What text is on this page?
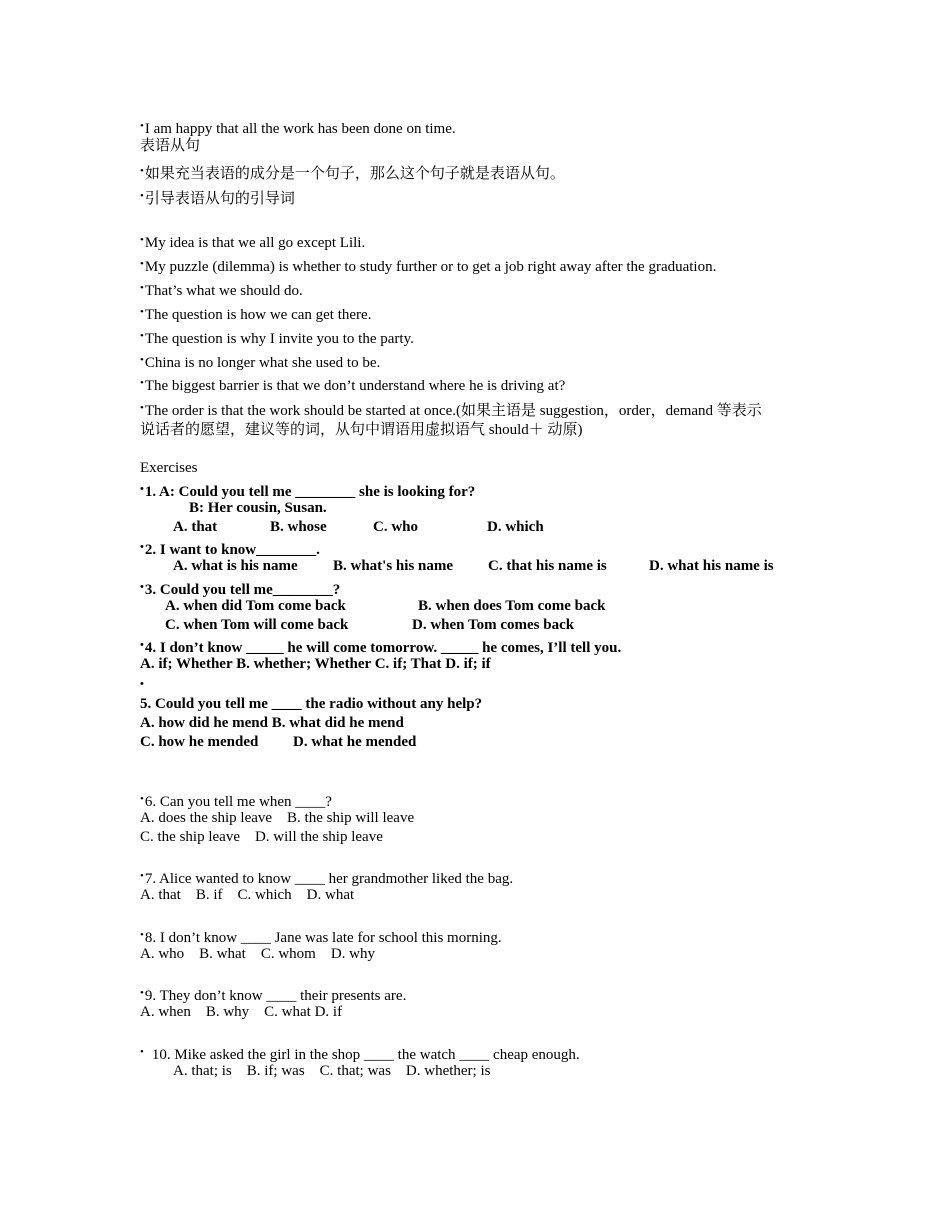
•I am happy that all the work has been done on time.
表语从句
•如果充当表语的成分是一个句子，那么这个句子就是表语从句。
•引导表语从句的引导词
•My idea is that we all go except Lili.
•My puzzle (dilemma) is whether to study further or to get a job right away after the graduation.
•That’s what we should do.
•The question is how we can get there.
•The question is why I invite you to the party.
•China is no longer what she used to be.
•The biggest barrier is that we don’t understand where he is driving at?
•The order is that the work should be started at once.(如果主语是 suggestion，order，demand 等表示
说话者的愿望，建议等的词，从句中谓语用虚拟语气 should＋ 动原)
Exercises
•1. A: Could you tell me ________ she is looking for?
B: Her cousin, Susan.
A. that	B. whose	C. who	D. which
•2. I want to know________.
A. what is his name B. what's his name C. that his name is	D. what his name is
•3. Could you tell me________?
A. when did Tom come back	B. when does Tom come back
C. when Tom will come back	D. when Tom comes back
•4. I don’t know _____ he will come tomorrow. _____ he comes, I’ll tell you.
A. if; Whether B. whether; Whether C. if; That D. if; if
•
5. Could you tell me ____ the radio without any help?
A. how did he mend B. what did he mend
C. how he mended D. what he mended
•6. Can you tell me when ____?
A. does the ship leave    B. the ship will leave
C. the ship leave    D. will the ship leave
•7. Alice wanted to know ____ her grandmother liked the bag.
A. that    B. if    C. which    D. what
•8. I don’t know ____ Jane was late for school this morning.
A. who    B. what    C. whom    D. why
•9. They don’t know ____ their presents are.
A. when    B. why    C. what D. if
• 10. Mike asked the girl in the shop ____ the watch ____ cheap enough.
A. that; is    B. if; was    C. that; was    D. whether; is
